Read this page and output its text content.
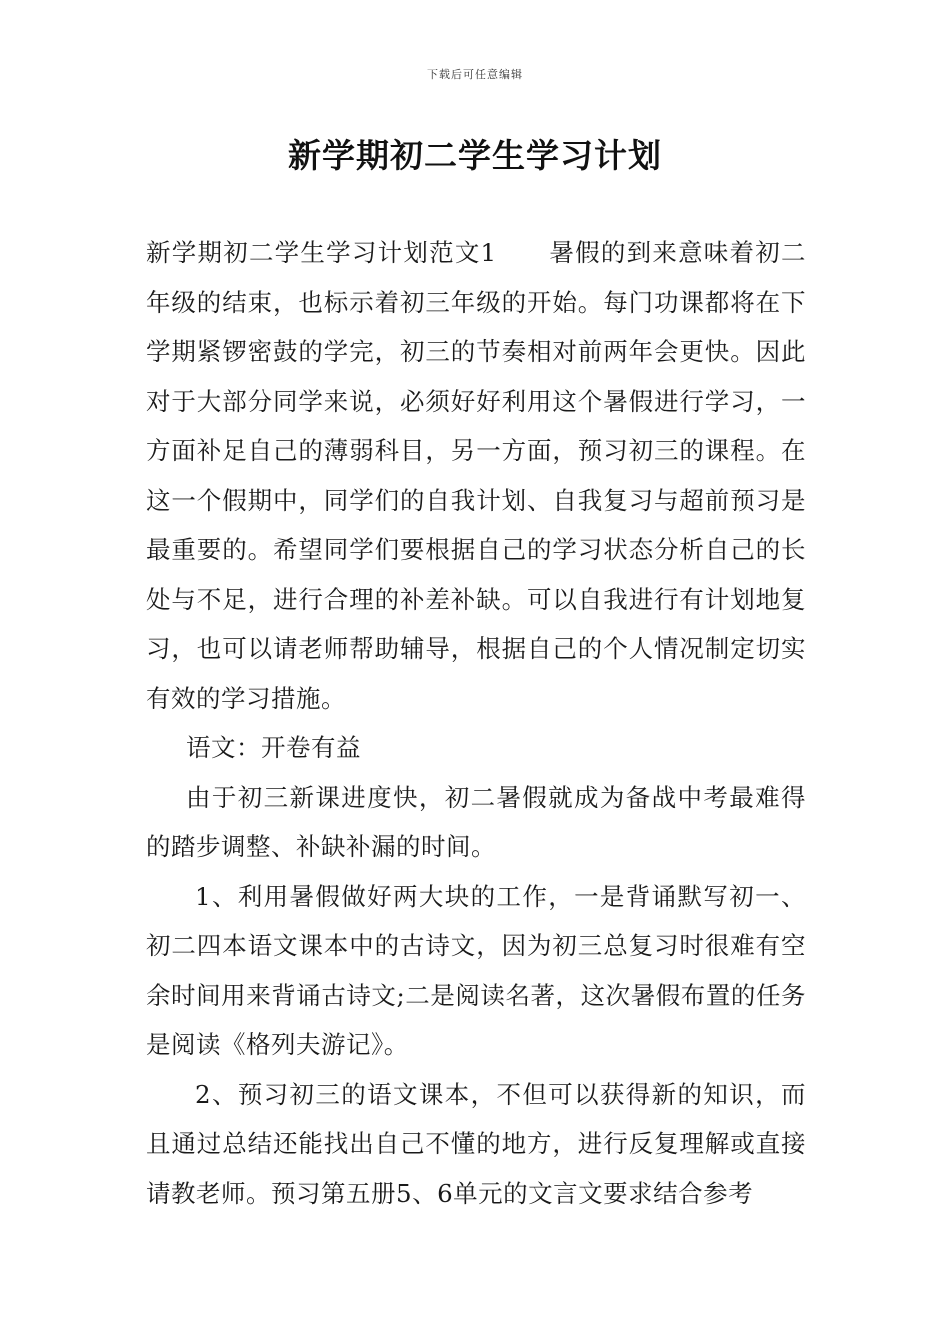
下载后可任意编辑
新学期初二学生学习计划

新学期初二学生学习计划范文1 暑假的到来意味着初二年级的结束，也标示着初三年级的开始。每门功课都将在下学期紧锣密鼓的学完，初三的节奏相对前两年会更快。因此对于大部分同学来说，必须好好利用这个暑假进行学习，一方面补足自己的薄弱科目，另一方面，预习初三的课程。在这一个假期中，同学们的自我计划、自我复习与超前预习是最重要的。希望同学们要根据自己的学习状态分析自己的长处与不足，进行合理的补差补缺。可以自我进行有计划地复习，也可以请老师帮助辅导，根据自己的个人情况制定切实有效的学习措施。

语文：开卷有益

由于初三新课进度快，初二暑假就成为备战中考最难得的踏步调整、补缺补漏的时间。

1、利用暑假做好两大块的工作，一是背诵默写初一、初二四本语文课本中的古诗文，因为初三总复习时很难有空余时间用来背诵古诗文;二是阅读名著，这次暑假布置的任务是阅读《格列夫游记》。

2、预习初三的语文课本，不但可以获得新的知识，而且通过总结还能找出自己不懂的地方，进行反复理解或直接请教老师。预习第五册5、6单元的文言文要求结合参考
